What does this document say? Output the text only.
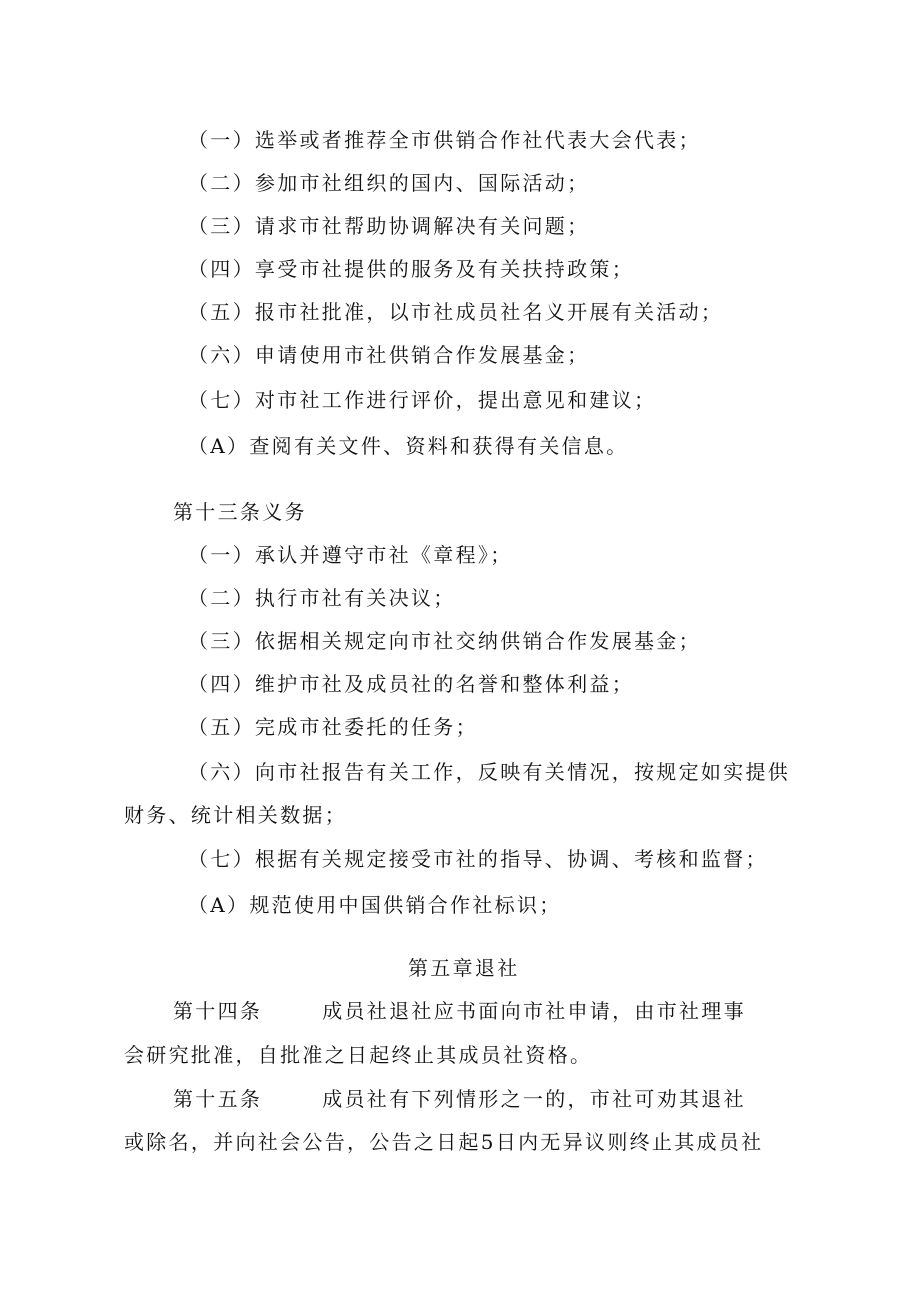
（一）选举或者推荐全市供销合作社代表大会代表；
（二）参加市社组织的国内、国际活动；
（三）请求市社帮助协调解决有关问题；
（四）享受市社提供的服务及有关扶持政策；
（五）报市社批准，以市社成员社名义开展有关活动；
（六）申请使用市社供销合作发展基金；
（七）对市社工作进行评价，提出意见和建议；
（A）查阅有关文件、资料和获得有关信息。
第十三条义务
（一）承认并遵守市社《章程》；
（二）执行市社有关决议；
（三）依据相关规定向市社交纳供销合作发展基金；
（四）维护市社及成员社的名誉和整体利益；
（五）完成市社委托的任务；
（六）向市社报告有关工作，反映有关情况，按规定如实提供
财务、统计相关数据；
（七）根据有关规定接受市社的指导、协调、考核和监督；
（A）规范使用中国供销合作社标识；
第五章退社
第十四条	成员社退社应书面向市社申请，由市社理事
会研究批准，自批准之日起终止其成员社资格。
第十五条	成员社有下列情形之一的，市社可劝其退社
或除名，并向社会公告，公告之日起5日内无异议则终止其成员社
